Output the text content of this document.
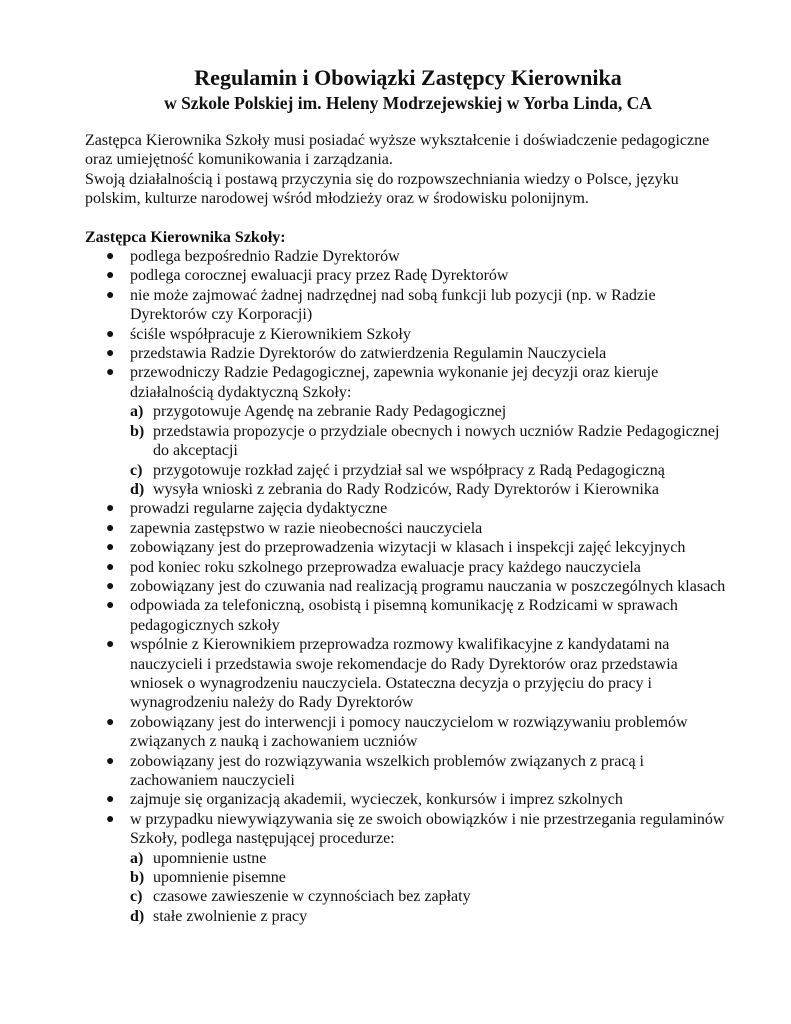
Regulamin i Obowiązki Zastępcy Kierownika
w Szkole Polskiej im. Heleny Modrzejewskiej w Yorba Linda, CA

Zastępca Kierownika Szkoły musi posiadać wyższe wykształcenie i doświadczenie pedagogiczne oraz umiejętność komunikowania i zarządzania.

Swoją działalnością i postawą przyczynia się do rozpowszechniania wiedzy o Polsce, języku polskim, kulturze narodowej wśród młodzieży oraz w środowisku polonijnym.

Zastępca Kierownika Szkoły:
● podlega bezpośrednio Radzie Dyrektorów
● podlega corocznej ewaluacji pracy przez Radę Dyrektorów
● nie może zajmować żadnej nadrzędnej nad sobą funkcji lub pozycji (np. w Radzie Dyrektorów czy Korporacji)
● ściśle współpracuje z Kierownikiem Szkoły
● przedstawia Radzie Dyrektorów do zatwierdzenia Regulamin Nauczyciela
● przewodniczy Radzie Pedagogicznej, zapewnia wykonanie jej decyzji oraz kieruje działalnością dydaktyczną Szkoły:
a) przygotowuje Agendę na zebranie Rady Pedagogicznej
b) przedstawia propozycje o przydziale obecnych i nowych uczniów Radzie Pedagogicznej do akceptacji
c) przygotowuje rozkład zajęć i przydział sal we współpracy z Radą Pedagogiczną
d) wysyła wnioski z zebrania do Rady Rodziców, Rady Dyrektorów i Kierownika
● prowadzi regularne zajęcia dydaktyczne
● zapewnia zastępstwo w razie nieobecności nauczyciela
● zobowiązany jest do przeprowadzenia wizytacji w klasach i inspekcji zajęć lekcyjnych
● pod koniec roku szkolnego przeprowadza ewaluacje pracy każdego nauczyciela
● zobowiązany jest do czuwania nad realizacją programu nauczania w poszczególnych klasach
● odpowiada za telefoniczną, osobistą i pisemną komunikację z Rodzicami w sprawach pedagogicznych szkoły
● wspólnie z Kierownikiem przeprowadza rozmowy kwalifikacyjne z kandydatami na nauczycieli i przedstawia swoje rekomendacje do Rady Dyrektorów oraz przedstawia wniosek o wynagrodzeniu nauczyciela. Ostateczna decyzja o przyjęciu do pracy i wynagrodzeniu należy do Rady Dyrektorów
● zobowiązany jest do interwencji i pomocy nauczycielom w rozwiązywaniu problemów związanych z nauką i zachowaniem uczniów
● zobowiązany jest do rozwiązywania wszelkich problemów związanych z pracą i zachowaniem nauczycieli
● zajmuje się organizacją akademii, wycieczek, konkursów i imprez szkolnych
● w przypadku niewywiązywania się ze swoich obowiązków i nie przestrzegania regulaminów Szkoły, podlega następującej procedurze:
a) upomnienie ustne
b) upomnienie pisemne
c) czasowe zawieszenie w czynnościach bez zapłaty
d) stałe zwolnienie z pracy
